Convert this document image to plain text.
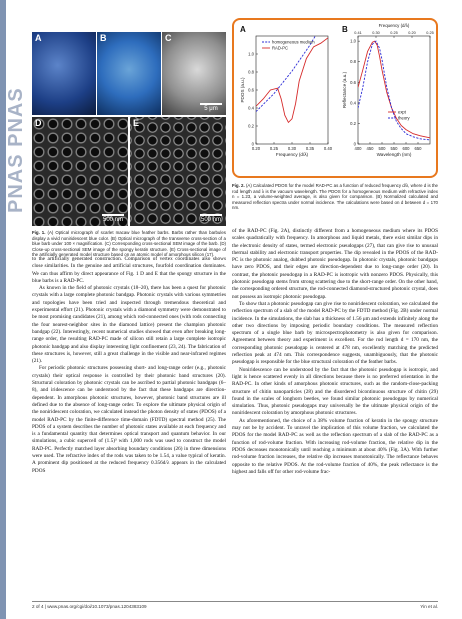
PNAS PNAS
A	B	C
5 μm
D
500 nm
E
500 nm
A
0.20 0.25 0.30 0.35 0.40
0
0.2
0.4
0.6
0.8
1.0
Frequency (d/λ)
PDOS (a.u.)
homogeneous medium
RAD-PC
B
400 450 500 550 600 650
0
0.2
0.4
0.6
0.8
1.0
Wavelength (nm)
Reflectance (a.u.)
expt
theory
Frequency (d/λ)
0.41	0.30	0.25	0.20	0.25
Fig. 1. (A) Optical micrograph of scarlet macaw blue feather barbs. Barbs rather than barbules display a vivid noniridescent blue color. (B) Optical micrograph of the transverse cross-section of a blue barb under 100 × magnification. (C) Corresponding cross-sectional SEM image of the barb. (D) Close-up cross-sectional SEM image of the spongy keratin structure. (E) Cross-sectional image of the artificially generated model structure based on an atomic model of amorphous silicon (17).
Fig. 2. (A) Calculated PDOS for the model RAD-PC as a function of reduced frequency d/λ, where d is the rod length and λ is the vacuum wavelength. The PDOS for a homogeneous medium with refractive index n = 1.23, a volume-weighted average, is also given for comparison. (B) Normalized calculated and measured reflection spectra under normal incidence. The calculations were based on d between d = 170 nm.

to the artificially generated construction. Comparison of vertex coordinates also shows close similarities. In the genuine and artificial structures, fourfold coordination dominates. We can thus affirm by direct appearance of Fig. 1 D and E that the spongy structure in the blue barbs is a RAD-PC.

As known in the field of photonic crystals (18–20), there has been a quest for photonic crystals with a large complete photonic bandgap. Photonic crystals with various symmetries and topologies have been tried and inspected through tremendous theoretical and experimental effort (21). Photonic crystals with a diamond symmetry were demonstrated to be most promising candidates (21), among which rod-connected ones (with rods connecting the four nearest-neighbor sites in the diamond lattice) present the champion photonic bandgap (22). Interestingly, recent numerical studies showed that even after breaking long-range order, the resulting RAD-PC made of silicon still retain a large complete isotropic photonic bandgap and also display interesting light confinement (23, 24). The fabrication of these structures is, however, still a great challenge in the visible and near-infrared regimes (21).

For periodic photonic structures possessing short- and long-range order (e.g., photonic crystals) their optical response is controlled by their photonic band structures (20). Structural coloration by photonic crystals can be ascribed to partial photonic bandgaps (6–8), and iridescence can be understood by the fact that these bandgaps are direction-dependent. In amorphous photonic structures, however, photonic band structures are ill defined due to the absence of long-range order. To explore the ultimate physical origin of the noniridescent coloration, we calculated instead the photon density of states (PDOS) of a model RAD-PC by the finite-difference time-domain (FDTD) spectral method (25). The PDOS of a system describes the number of photonic states available at each frequency and is a fundamental quantity that determines optical transport and quantum behavior. In our simulations, a cubic supercell of (1.5)³ with 1,000 rods was used to construct the model RAD-PC. Perfectly matched layer absorbing boundary conditions (26) in three dimensions were used. The refractive index of the rods was taken to be 1.54, a value typical of keratin. A prominent dip positioned at the reduced frequency 0.356d/λ appears in the calculated PDOS

of the RAD-PC (Fig. 2A), distinctly different from a homogeneous medium where its PDOS scales quadratically with frequency. In amorphous and liquid metals, there exist similar dips in the electronic density of states, termed electronic pseudogaps (27), that can give rise to unusual thermal stability and electronic transport properties. The dip revealed in the PDOS of the RAD-PC is the photonic analog, dubbed photonic pseudogap. In photonic crystals, photonic bandgaps have zero PDOS, and their edges are direction-dependent due to long-range order (20). In contrast, the photonic pseudogap in a RAD-PC is isotropic with nonzero PDOS. Physically, this photonic pseudogap stems from strong scattering due to the short-range order. On the other hand, the corresponding ordered structure, the rod-connected diamond-structured photonic crystal, does not possess an isotropic photonic pseudogap.

To show that a photonic pseudogap can give rise to noniridescent coloration, we calculated the reflection spectrum of a slab of the model RAD-PC by the FDTD method (Fig. 2B) under normal incidence. In the simulations, the slab has a thickness of 1.56 μm and extends infinitely along the other two directions by imposing periodic boundary conditions. The measured reflection spectrum of a single blue barb by microspectrophotometry is also given for comparison. Agreement between theory and experiment is excellent. For the rod length d = 170 nm, the corresponding photonic pseudogap is centered at 478 nm, excellently matching the predicted reflection peak at 474 nm. This correspondence suggests, unambiguously, that the photonic pseudogap is responsible for the blue structural coloration of the feather barbs.

Noniridescence can be understood by the fact that the photonic pseudogap is isotropic, and light is hence scattered evenly in all directions because there is no preferred orientation in the RAD-PC. In other kinds of amorphous photonic structures, such as the random-close-packing structure of chitin nanoparticles (28) and the disordered bicontinuous structure of chitin (29) found in the scales of longhorn beetles, we found similar photonic pseudogaps by numerical simulation. Thus, photonic pseudogaps may universally be the ultimate physical origin of the noniridescent coloration by amorphous photonic structures.

As aforementioned, the choice of a 38% volume fraction of keratin in the spongy structure may not be by accident. To unravel the implication of this volume fraction, we calculated the PDOS for the model RAD-PC as well as the reflection spectrum of a slab of the RAD-PC as a function of rod-volume fraction. With increasing rod-volume fraction, the relative dip in the PDOS decreases monotonically until reaching a minimum at about 40% (Fig. 3A). With further rod-volume fraction increases, the relative dip increases monotonically. The reflectance behaves opposite to the relative PDOS. At the rod-volume fraction of 40%, the peak reflectance is the highest and falls off for other rod-volume frac-

2 of 4 | www.pnas.org/cgi/doi/10.1073/pnas.1204383109	Yin et al.
